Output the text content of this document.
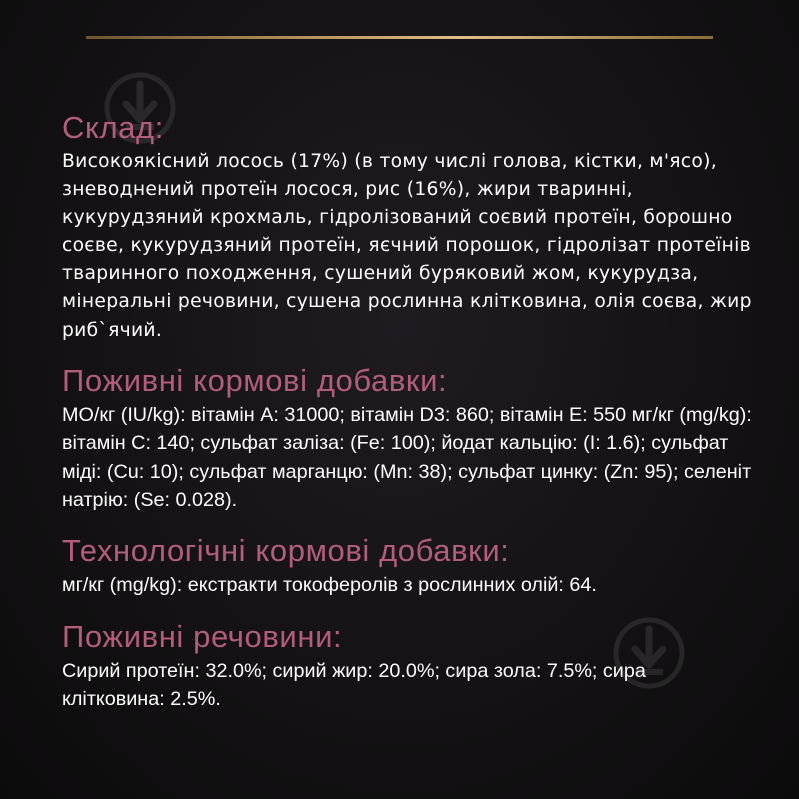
Склад:

Високоякісний лосось (17%) (в тому числі голова, кістки, м'ясо), зневоднений протеїн лосося, рис (16%), жири тваринні, кукурудзяний крохмаль, гідролізований соєвий протеїн, борошно соєве, кукурудзяний протеїн, яєчний порошок, гідролізат протеїнів тваринного походження, сушений буряковий жом, кукурудза, мінеральні речовини, сушена рослинна клітковина, олія соєва, жир риб`ячий.

Поживні кормові добавки:

МО/кг (IU/kg): вітамін A: 31000; вітамін D3: 860; вітамін E: 550 мг/кг (mg/kg): вітамін C: 140; сульфат заліза: (Fe: 100); йодат кальцію: (I: 1.6); сульфат міді: (Cu: 10); сульфат марганцю: (Mn: 38); сульфат цинку: (Zn: 95); селеніт натрію: (Se: 0.028).

Технологічні кормові добавки:

мг/кг (mg/kg): екстракти токоферолів з рослинних олій: 64.

Поживні речовини:

Сирий протеїн: 32.0%; сирий жир: 20.0%; сира зола: 7.5%; сира клітковина: 2.5%.
